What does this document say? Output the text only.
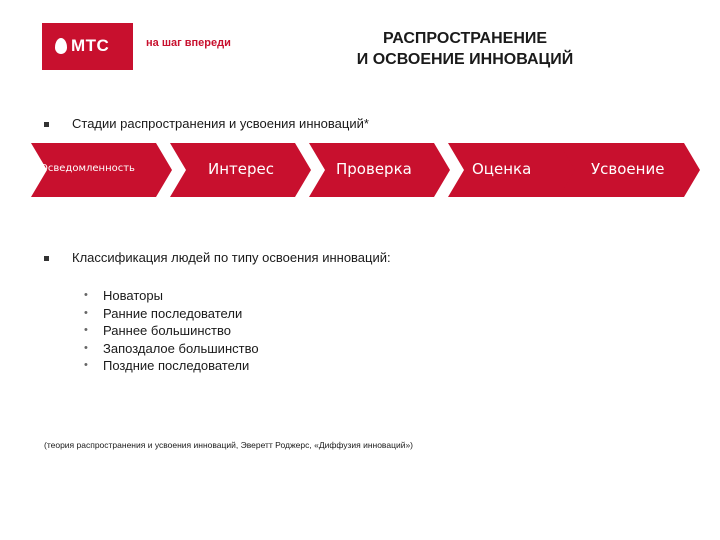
МТС	на шаг впереди	РАСПРОСТРАНЕНИЕ
И ОСВОЕНИЕ ИННОВАЦИЙ
Стадии распространения и усвоения инноваций*
Осведомленность	Интерес	Проверка	Оценка	Усвоение
Классификация людей по типу освоения инноваций:
• Новаторы
• Ранние последователи
• Раннее большинство
• Запоздалое большинство
• Поздние последователи
(теория распространения и усвоения инноваций, Эверетт Роджерс, «Диффузия инноваций»)
